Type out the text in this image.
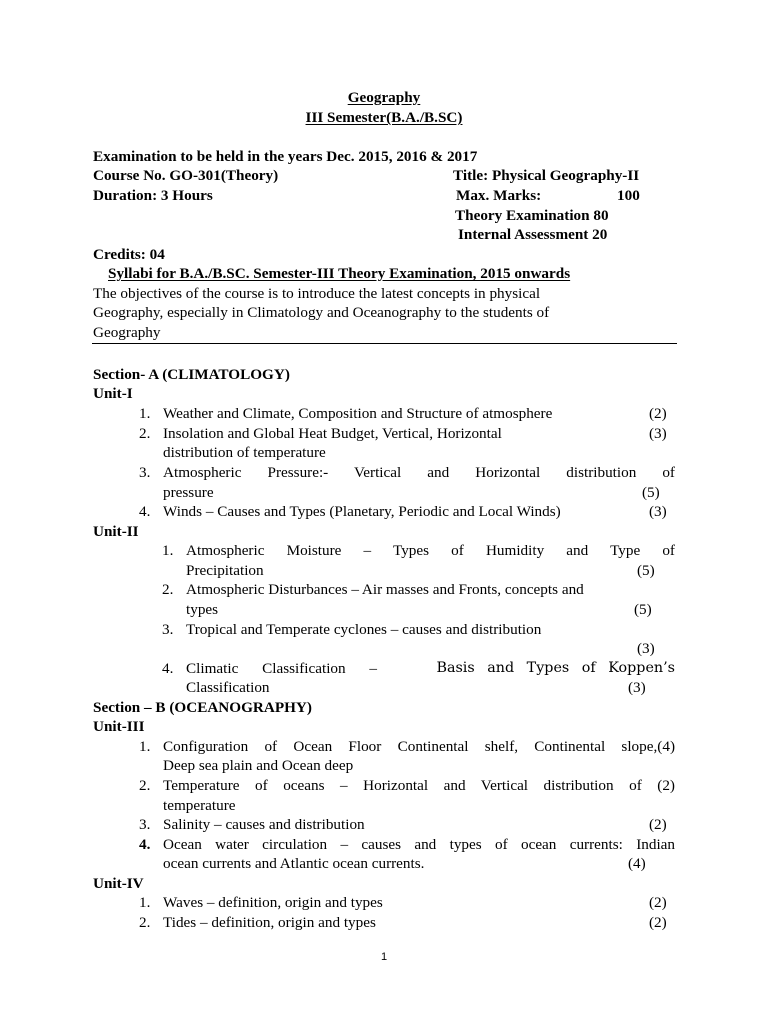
Geography
III Semester(B.A./B.SC)
Examination to be held in the years Dec. 2015, 2016 & 2017
Course No. GO-301(Theory)	Title: Physical Geography-II
Duration: 3 Hours	Max. Marks:	100
Theory Examination 80
Internal Assessment 20
Credits: 04
Syllabi for B.A./B.SC. Semester-III Theory Examination, 2015 onwards
The objectives of the course is to introduce the latest concepts in physical
Geography, especially in Climatology and Oceanography to the students of
Geography
Section- A (CLIMATOLOGY)
Unit-I
1. Weather and Climate, Composition and Structure of atmosphere	(2)
2. Insolation and Global Heat Budget, Vertical, Horizontal	(3)
distribution of temperature
3. Atmospheric Pressure:- Vertical and Horizontal distribution of
pressure	(5)
4. Winds – Causes and Types (Planetary, Periodic and Local Winds)	(3)
Unit-II
1. Atmospheric Moisture – Types of Humidity and Type of
Precipitation	(5)
2. Atmospheric Disturbances – Air masses and Fronts, concepts and
types	(5)
3. Tropical and Temperate cyclones – causes and distribution
(3)
4. Climatic Classification –	Basis and Types of Koppen’s
Classification	(3)
Section – B (OCEANOGRAPHY)
Unit-III
1. Configuration of Ocean Floor Continental shelf, Continental slope,(4)
Deep sea plain and Ocean deep
2. Temperature of oceans – Horizontal and Vertical distribution of (2)
temperature
3. Salinity – causes and distribution	(2)
4. Ocean water circulation – causes and types of ocean currents: Indian
ocean currents and Atlantic ocean currents.	(4)
Unit-IV
1. Waves – definition, origin and types	(2)
2. Tides – definition, origin and types	(2)
1
